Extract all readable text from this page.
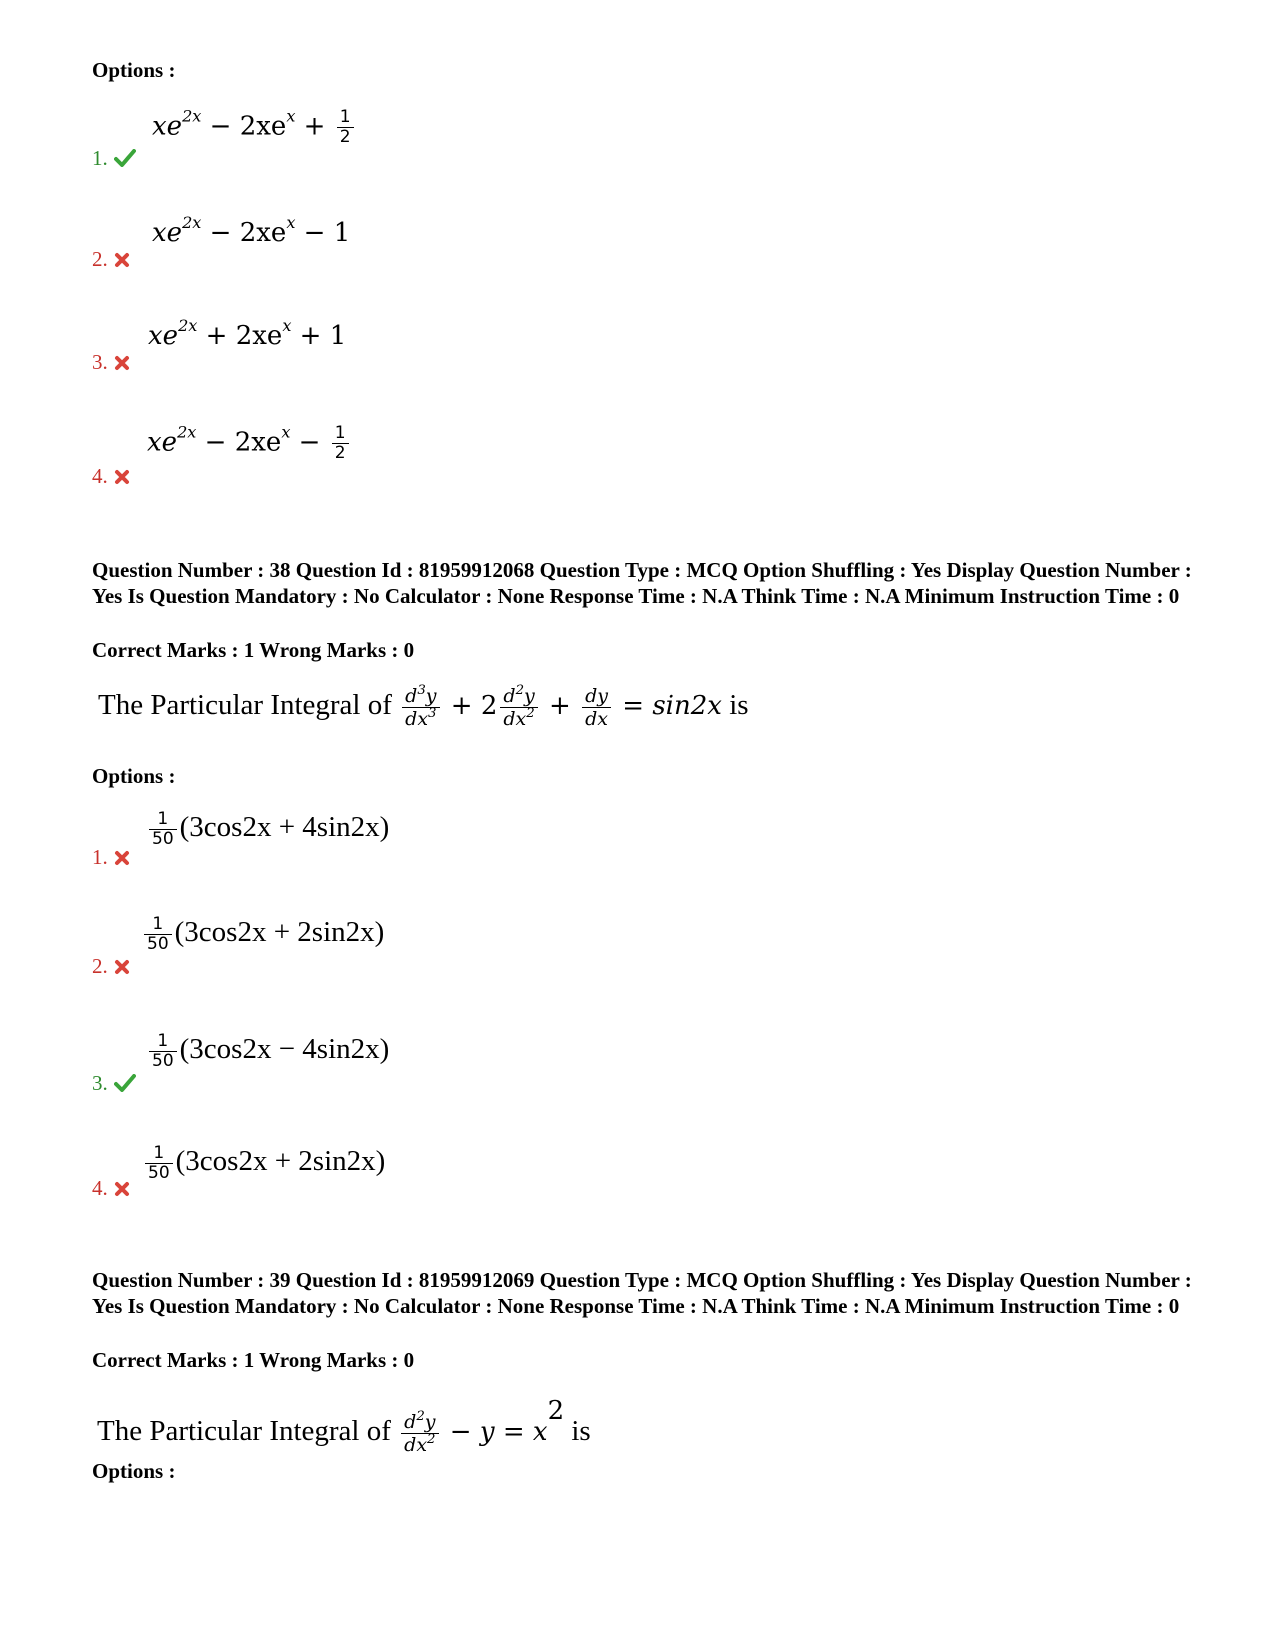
Options :
$xe^{2x} - 2xe^x + \frac{1}{2}$
1.
$xe^{2x} - 2xe^x - 1$
2.
$xe^{2x} + 2xe^x + 1$
3.
$xe^{2x} - 2xe^x - \frac{1}{2}$
4.
Question Number : 38 Question Id : 81959912068 Question Type : MCQ Option Shuffling : Yes Display Question Number : Yes Is Question Mandatory : No Calculator : None Response Time : N.A Think Time : N.A Minimum Instruction Time : 0
Correct Marks : 1 Wrong Marks : 0
The Particular Integral of $\frac{d^3y}{dx^3} + 2 \frac{d^2y}{dx^2} + \frac{dy}{dx} = \sin 2x$ is
Options :
$\frac{1}{50} (3\cos 2x + 4\sin 2x)$
1.
$\frac{1}{50} (3\cos 2x + 2\sin 2x)$
2.
$\frac{1}{50} (3\cos 2x - 4\sin 2x)$
3.
$\frac{1}{50} (3\cos 2x + 2\sin 2x)$
4.
Question Number : 39 Question Id : 81959912069 Question Type : MCQ Option Shuffling : Yes Display Question Number : Yes Is Question Mandatory : No Calculator : None Response Time : N.A Think Time : N.A Minimum Instruction Time : 0
Correct Marks : 1 Wrong Marks : 0
The Particular Integral of $\frac{d^2y}{dx^2} - y = x^2$ is
Options :
